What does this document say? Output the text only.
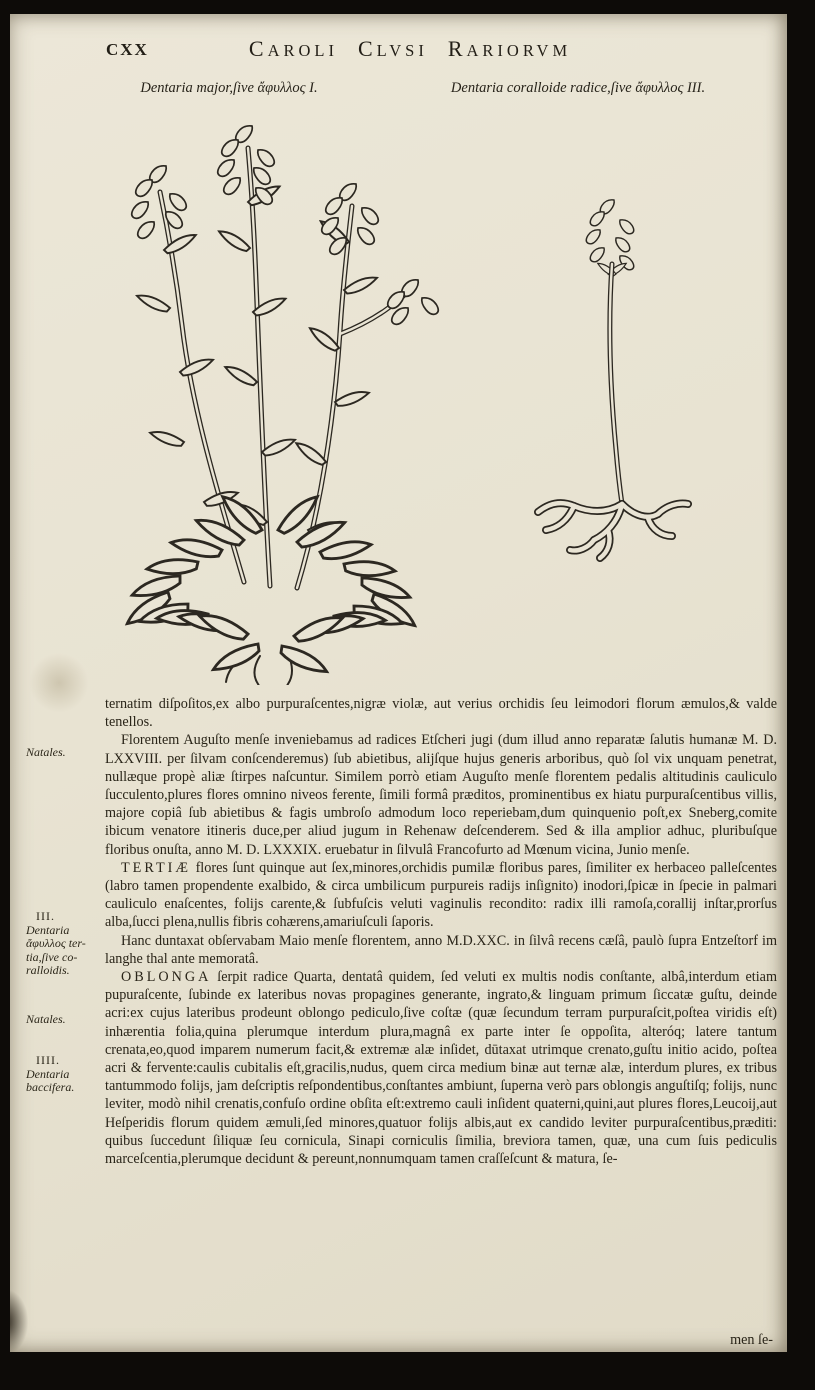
CXX	CAROLI CLVSI RARIORVM
Dentaria major,ſive ἄφυλλος I.	Dentaria coralloide radice,ſive ἄφυλλος III.
Natales.
III.
Dentaria
ἄφυλλος ter-
tia,ſive co-
ralloidis.
Natales.
IIII.
Dentaria
baccifera.

ternatim diſpoſitos,ex albo purpuraſcentes,nigræ violæ, aut verius orchidis ſeu leimodori florum æmulos,& valde tenellos.

Florentem Auguſto menſe inveniebamus ad radices Etſcheri jugi (dum illud anno reparatæ ſalutis humanæ M. D. LXXVIII. per ſilvam conſcenderemus) ſub abietibus, alijſque hujus generis arboribus, quò ſol vix unquam penetrat, nullæque propè aliæ ſtirpes naſcuntur. Similem porrò etiam Auguſto menſe florentem pedalis altitudinis cauliculo ſucculento,plures flores omnino niveos ferente, ſimili formâ præditos, prominentibus ex hiatu purpuraſcentibus villis, majore copiâ ſub abietibus & fagis umbroſo admodum loco reperiebam,dum quinquenio poſt,ex Sneberg,comite ibicum venatore itineris duce,per aliud jugum in Rehenaw deſcenderem. Sed & illa amplior adhuc, pluribuſque floribus onuſta, anno M. D. LXXXIX. eruebatur in ſilvulâ Francofurto ad Mœnum vicina, Junio menſe.

TERTIÆ flores ſunt quinque aut ſex,minores,orchidis pumilæ floribus pares, ſimiliter ex herbaceo palleſcentes (labro tamen propendente exalbido, & circa umbilicum purpureis radijs inſignito) inodori,ſpicæ in ſpecie in palmari cauliculo enaſcentes, folijs carente,& ſubfuſcis veluti vaginulis recondito: radix illi ramoſa,corallij inſtar,prorſus alba,ſucci plena,nullis fibris cohærens,amariuſculi ſaporis.

Hanc duntaxat obſervabam Maio menſe florentem, anno M.D.XXC. in ſilvâ recens cæſâ, paulò ſupra Entzeſtorf im langhe thal ante memoratâ.

OBLONGA ſerpit radice Quarta, dentatâ quidem, ſed veluti ex multis nodis conſtante, albâ,interdum etiam pupuraſcente, ſubinde ex lateribus novas propagines generante, ingrato,& linguam primum ſiccatæ guſtu, deinde acri:ex cujus lateribus prodeunt oblongo pediculo,ſive coſtæ (quæ ſecundum terram purpuraſcit,poſtea viridis eſt) inhærentia folia,quina plerumque interdum plura,magnâ ex parte inter ſe oppoſita, alteróq; latere tantum crenata,eo,quod imparem numerum facit,& extremæ alæ inſidet, dūtaxat utrimque crenato,guſtu initio acido, poſtea acri & fervente:caulis cubitalis eſt,gracilis,nudus, quem circa medium binæ aut ternæ alæ, interdum plures, ex tribus tantummodo folijs, jam deſcriptis reſpondentibus,conſtantes ambiunt, ſuperna verò pars oblongis anguſtiſq; folijs, nunc leviter, modò nihil crenatis,confuſo ordine obſita eſt:extremo cauli inſident quaterni,quini,aut plures flores,Leucoij,aut Heſperidis florum quidem æmuli,ſed minores,quatuor folijs albis,aut ex candido leviter purpuraſcentibus,præditi: quibus ſuccedunt ſiliquæ ſeu cornicula, Sinapi corniculis ſimilia, breviora tamen, quæ, una cum ſuis pediculis marceſcentia,plerumque decidunt & pereunt,nonnumquam tamen craſſeſcunt & matura, ſe-

men ſe-
